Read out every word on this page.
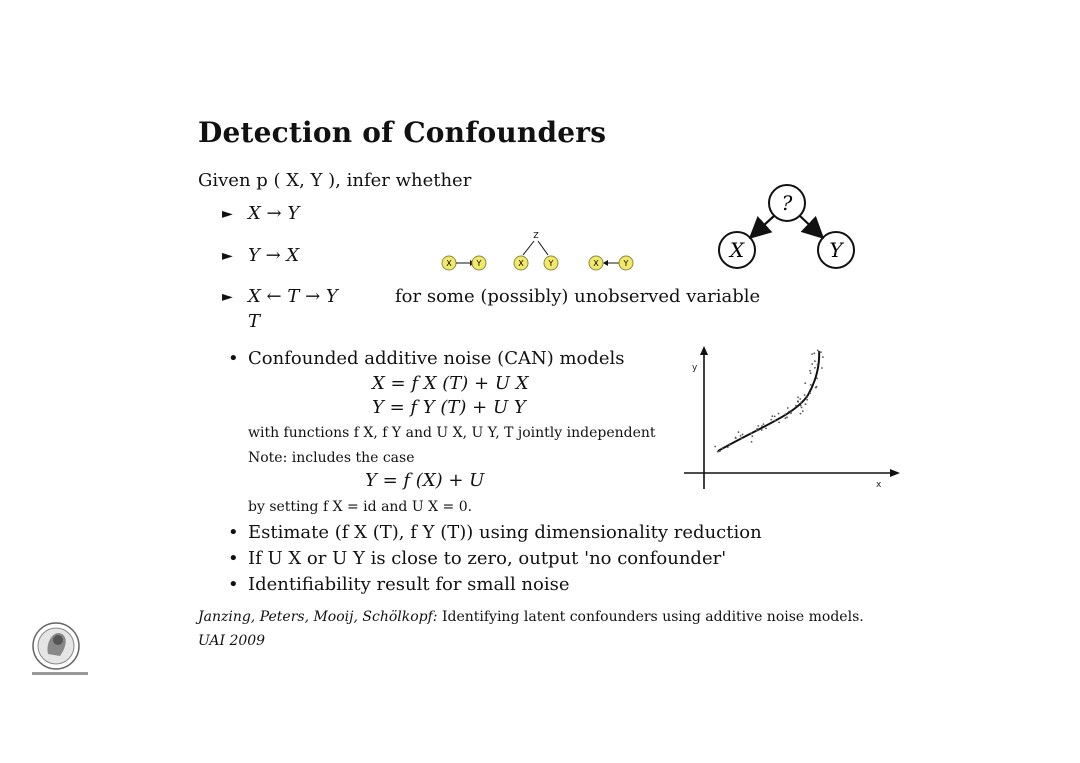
Detection of Confounders
Given p ( X, Y ), infer whether
► X → Y
► Y → X
► X ← T → Y	for some (possibly) unobserved variable
T
X	Y
Z
X	Y	X	Y
?
X	Y
• Confounded additive noise (CAN) models
X = f X (T) + U X
Y = f Y (T) + U Y
with functions f X, f Y and U X, U Y, T jointly independent
Note: includes the case
Y = f (X) + U
by setting f X = id and U X = 0.
y
x
• Estimate (f X (T), f Y (T)) using dimensionality reduction
• If U X or U Y is close to zero, output 'no confounder'
• Identifiability result for small noise
Janzing, Peters, Mooij, Schölkopf: Identifying latent confounders using additive noise models.
UAI 2009
